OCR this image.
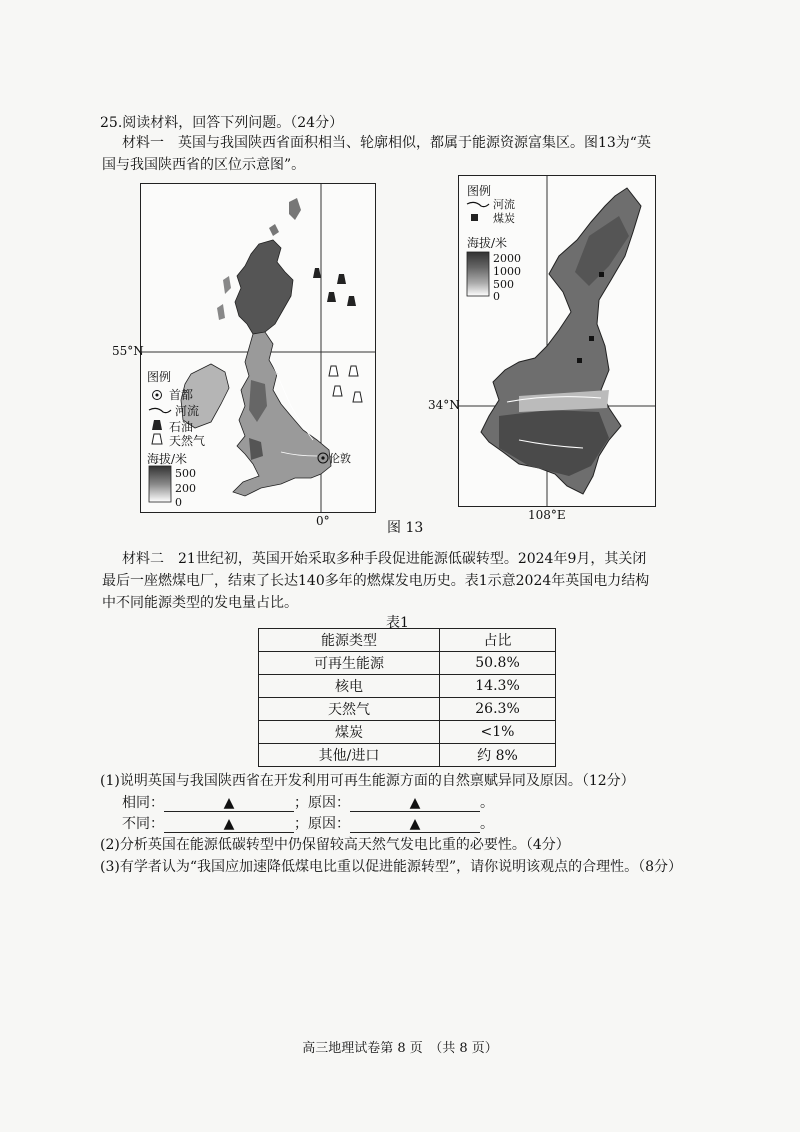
25.阅读材料，回答下列问题。（24分）
材料一　英国与我国陕西省面积相当、轮廓相似，都属于能源资源富集区。图13为“英
国与我国陕西省的区位示意图”。
图例
首都
河流
石油
天然气
海拔/米
500
200
0
伦敦
55°N
0°
图例
河流
煤炭
海拔/米
2000
1000
500
0
34°N
108°E
图 13
材料二　21世纪初，英国开始采取多种手段促进能源低碳转型。2024年9月，其关闭
最后一座燃煤电厂，结束了长达140多年的燃煤发电历史。表1示意2024年英国电力结构
中不同能源类型的发电量占比。
表1
能源类型	占比
可再生能源	50.8%
核电	14.3%
天然气	26.3%
煤炭	<1%
其他/进口	约 8%
(1)说明英国与我国陕西省在开发利用可再生能源方面的自然禀赋异同及原因。（12分）
相同：	▲	；原因：	▲	。
不同：	▲	；原因：	▲	。
(2)分析英国在能源低碳转型中仍保留较高天然气发电比重的必要性。（4分）
(3)有学者认为“我国应加速降低煤电比重以促进能源转型”，请你说明该观点的合理性。（8分）
高三地理试卷第 8 页　（共 8 页）
